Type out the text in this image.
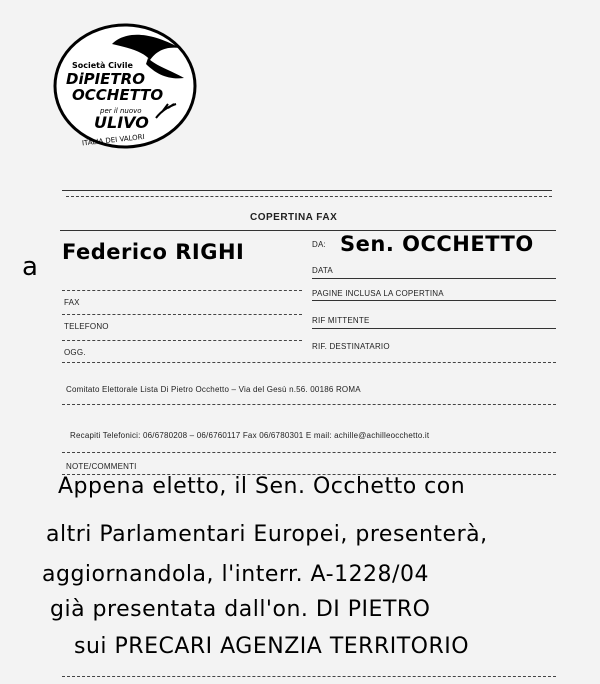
Società Civile
DiPIETRO
OCCHETTO
per il nuovo
ULIVO
ITALIA DEI VALORI
COPERTINA FAX
a Federico RIGHI	DA: Sen. OCCHETTO
DATA
FAX
PAGINE INCLUSA LA COPERTINA
TELEFONO
RIF MITTENTE
OGG.
RIF. DESTINATARIO
Comitato Elettorale Lista Di Pietro Occhetto – Via del Gesù n.56. 00186 ROMA
Recapiti Telefonici: 06/6780208 – 06/6760117 Fax 06/6780301 E mail: achille@achilleocchetto.it
NOTE/COMMENTI
Appena eletto, il Sen. Occhetto con
altri Parlamentari Europei, presenterà,
aggiornandola, l'interr. A-1228/04
già presentata dall'on. DI PIETRO
sui PRECARI AGENZIA TERRITORIO
